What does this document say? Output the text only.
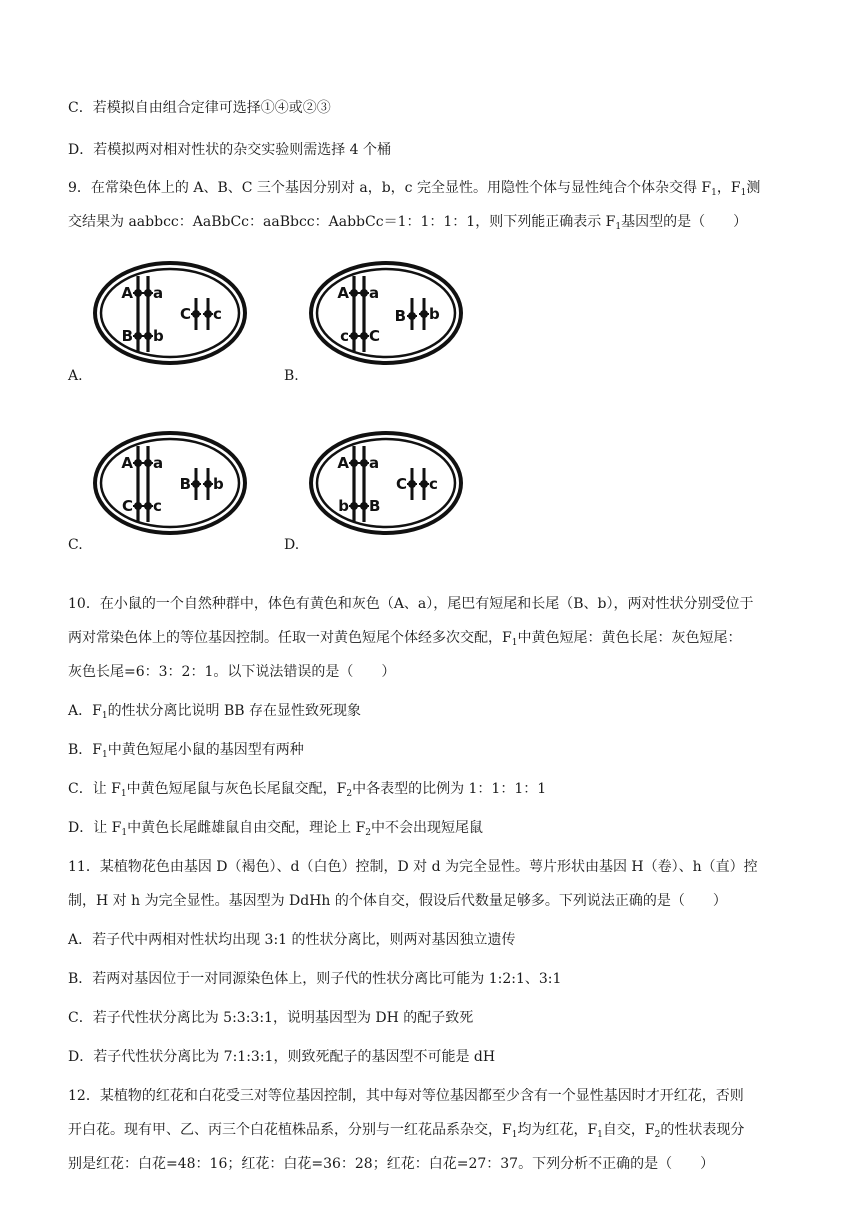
C．若模拟自由组合定律可选择①④或②③
D．若模拟两对相对性状的杂交实验则需选择 4 个桶
9．在常染色体上的 A、B、C 三个基因分别对 a，b，c 完全显性。用隐性个体与显性纯合个体杂交得 $F_1$，$F_1$测
交结果为 aabbcc：AaBbCc：aaBbcc：AabbCc＝1：1：1：1，则下列能正确表示 $F_1$基因型的是（　　）
A a
B b
C c
A a
c C
B b
A a
C c
B b
A a
b B
C c
A.	B.
C.	D.
10．在小鼠的一个自然种群中，体色有黄色和灰色（A、a），尾巴有短尾和长尾（B、b），两对性状分别受位于
两对常染色体上的等位基因控制。任取一对黄色短尾个体经多次交配，$F_1$中黄色短尾：黄色长尾：灰色短尾：
灰色长尾=6：3：2：1。以下说法错误的是（　　）
A．$F_1$的性状分离比说明 BB 存在显性致死现象
B．$F_1$中黄色短尾小鼠的基因型有两种
C．让 $F_1$中黄色短尾鼠与灰色长尾鼠交配，$F_2$中各表型的比例为 1：1：1：1
D．让 $F_1$中黄色长尾雌雄鼠自由交配，理论上 $F_2$中不会出现短尾鼠
11．某植物花色由基因 D（褐色）、d（白色）控制，D 对 d 为完全显性。萼片形状由基因 H（卷）、h（直）控
制，H 对 h 为完全显性。基因型为 DdHh 的个体自交，假设后代数量足够多。下列说法正确的是（　　）
A．若子代中两相对性状均出现 3:1 的性状分离比，则两对基因独立遗传
B．若两对基因位于一对同源染色体上，则子代的性状分离比可能为 1:2:1、3:1
C．若子代性状分离比为 5:3:3:1，说明基因型为 DH 的配子致死
D．若子代性状分离比为 7:1:3:1，则致死配子的基因型不可能是 dH
12．某植物的红花和白花受三对等位基因控制，其中每对等位基因都至少含有一个显性基因时才开红花，否则
开白花。现有甲、乙、丙三个白花植株品系，分别与一红花品系杂交，$F_1$均为红花，$F_1$自交，$F_2$的性状表现分
别是红花：白花=48：16；红花：白花=36：28；红花：白花=27：37。下列分析不正确的是（　　）
